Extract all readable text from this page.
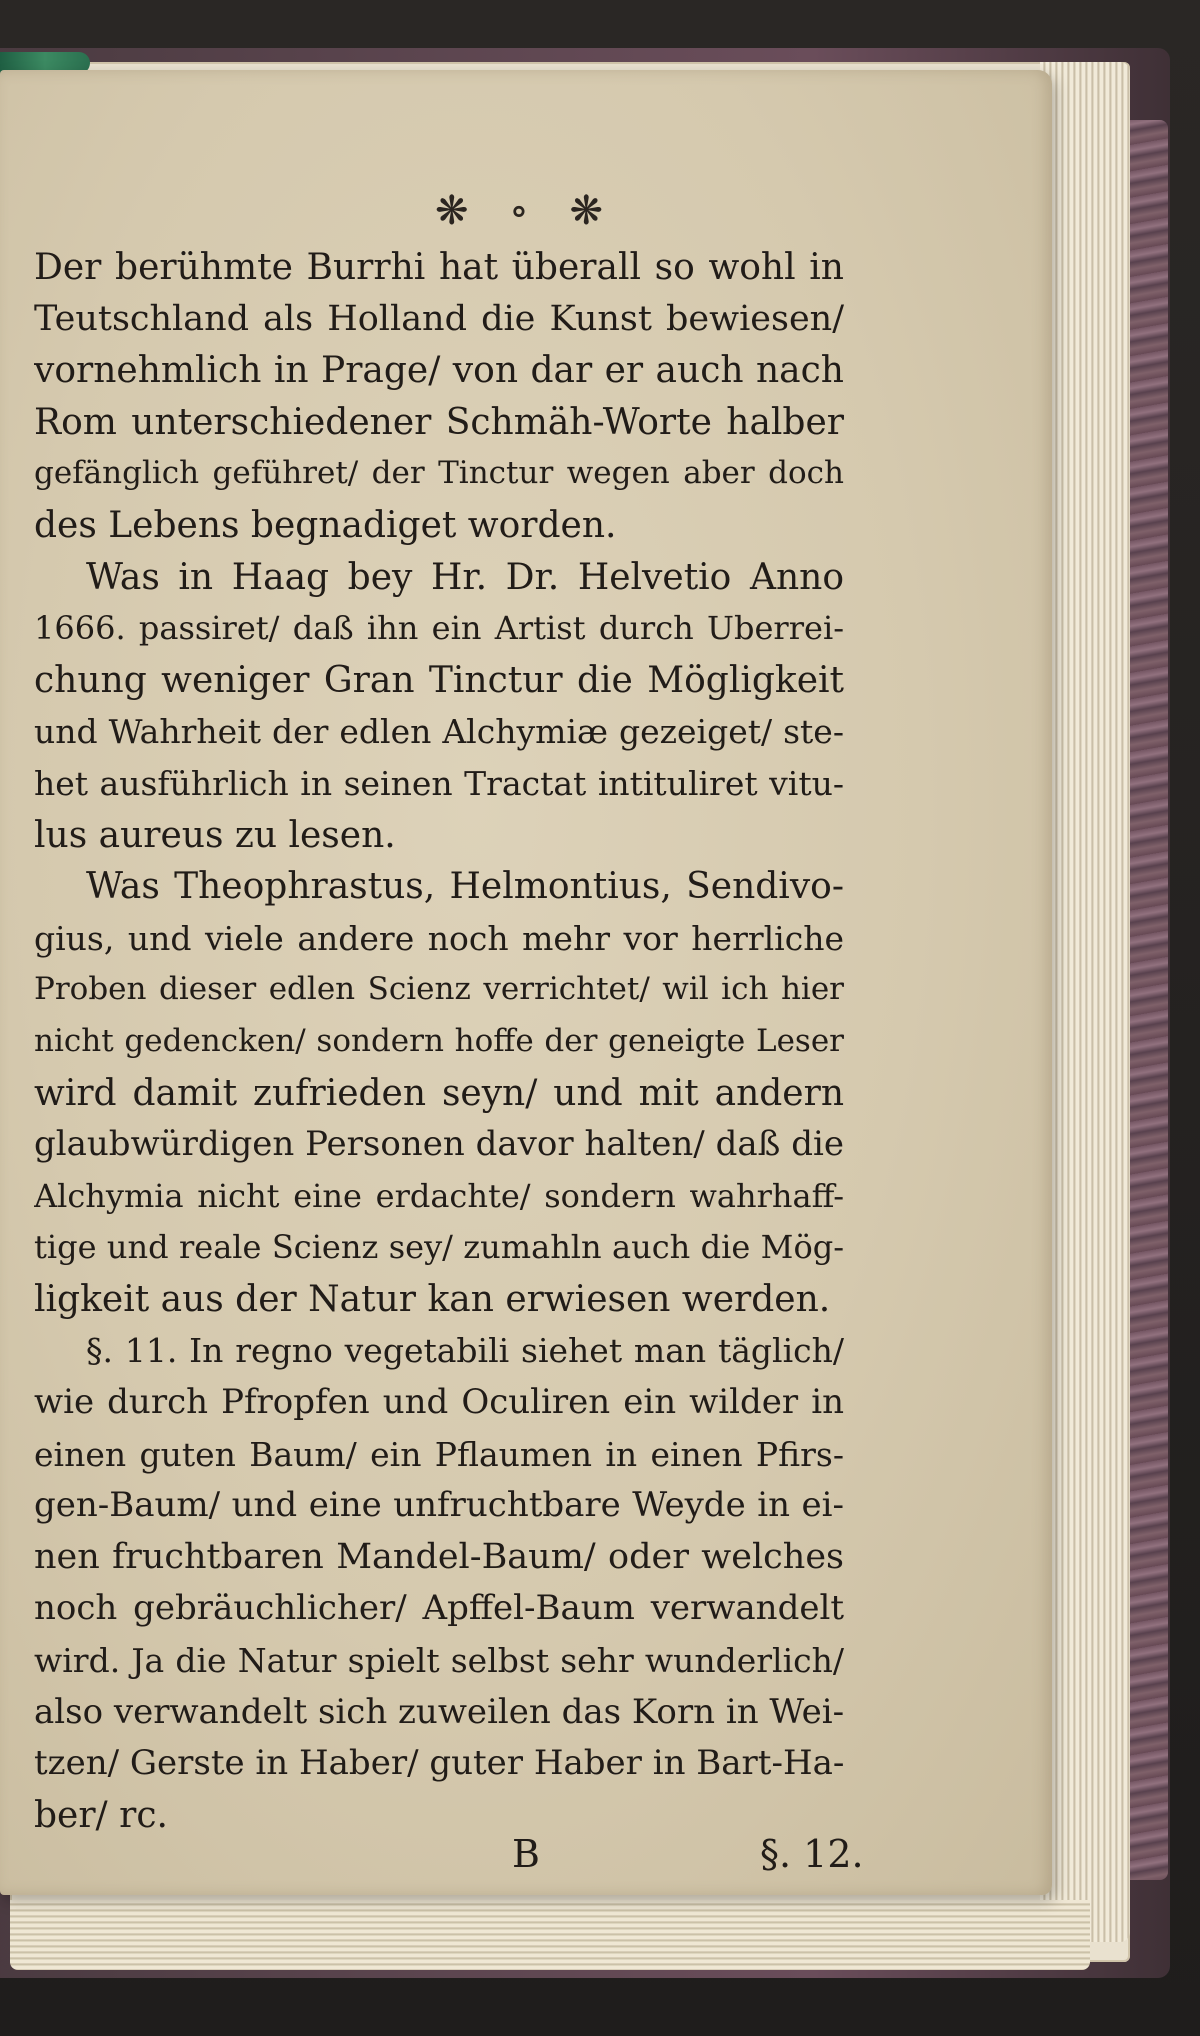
❋ ∘ ❋
Der berühmte Burrhi hat überall so wohl in
Teutschland als Holland die Kunst bewiesen/
vornehmlich in Prage/ von dar er auch nach
Rom unterschiedener Schmäh-Worte halber
gefänglich geführet/ der Tinctur wegen aber doch
des Lebens begnadiget worden.
Was in Haag bey Hr. Dr. Helvetio Anno
1666. passiret/ daß ihn ein Artist durch Uberrei-
chung weniger Gran Tinctur die Mögligkeit
und Wahrheit der edlen Alchymiæ gezeiget/ ste-
het ausführlich in seinen Tractat intituliret vitu-
lus aureus zu lesen.
Was Theophrastus, Helmontius, Sendivo-
gius, und viele andere noch mehr vor herrliche
Proben dieser edlen Scienz verrichtet/ wil ich hier
nicht gedencken/ sondern hoffe der geneigte Leser
wird damit zufrieden seyn/ und mit andern
glaubwürdigen Personen davor halten/ daß die
Alchymia nicht eine erdachte/ sondern wahrhaff-
tige und reale Scienz sey/ zumahln auch die Mög-
ligkeit aus der Natur kan erwiesen werden.
§. 11. In regno vegetabili siehet man täglich/
wie durch Pfropfen und Oculiren ein wilder in
einen guten Baum/ ein Pflaumen in einen Pfirs-
gen-Baum/ und eine unfruchtbare Weyde in ei-
nen fruchtbaren Mandel-Baum/ oder welches
noch gebräuchlicher/ Apffel-Baum verwandelt
wird. Ja die Natur spielt selbst sehr wunderlich/
also verwandelt sich zuweilen das Korn in Wei-
tzen/ Gerste in Haber/ guter Haber in Bart-Ha-
ber/ rc.
B	§. 12.
